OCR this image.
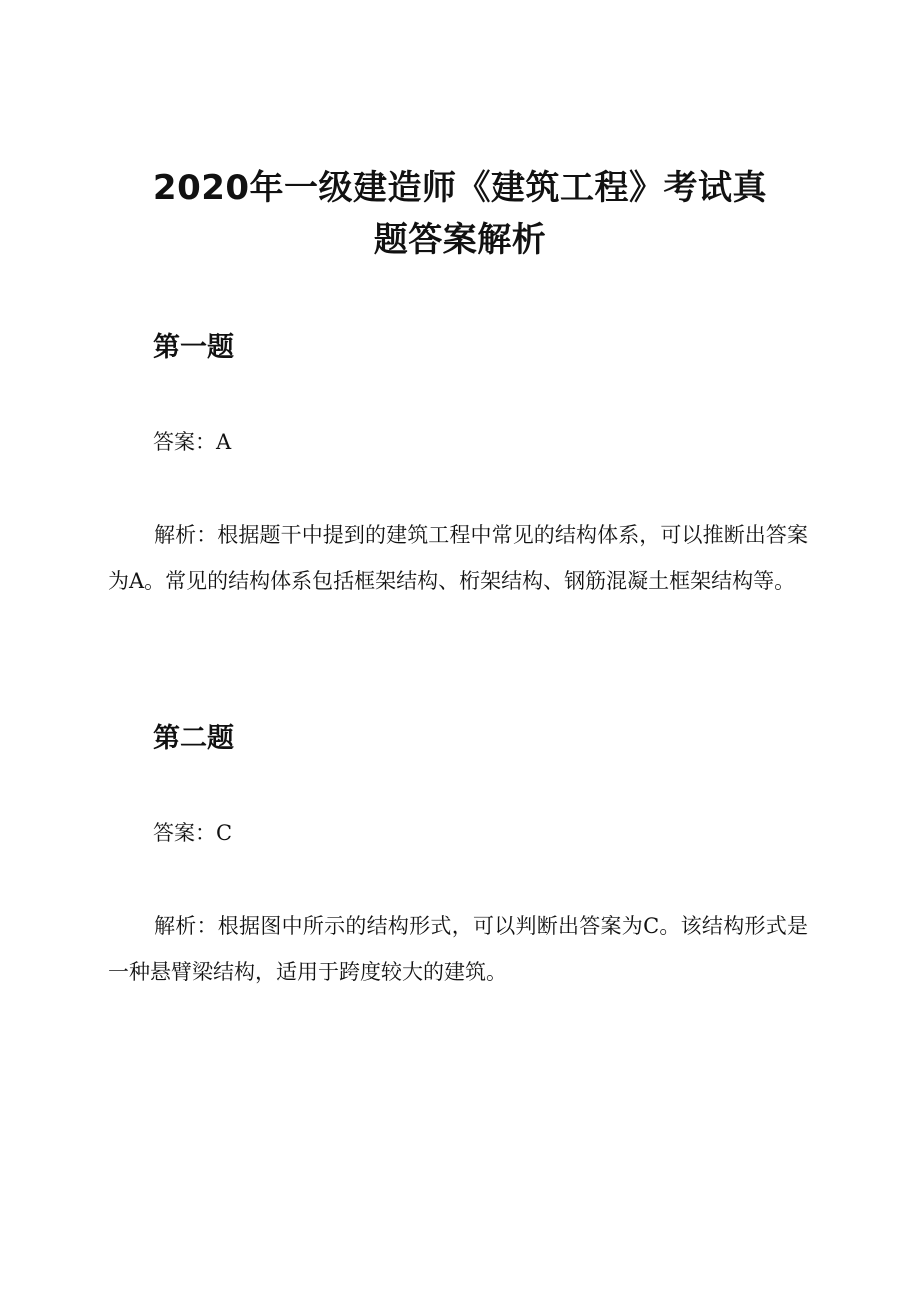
2020年一级建造师《建筑工程》考试真
题答案解析
第一题

答案：A

解析：根据题干中提到的建筑工程中常见的结构体系，可以推断出答案为A。常见的结构体系包括框架结构、桁架结构、钢筋混凝土框架结构等。

第二题

答案：C

解析：根据图中所示的结构形式，可以判断出答案为C。该结构形式是一种悬臂梁结构，适用于跨度较大的建筑。
